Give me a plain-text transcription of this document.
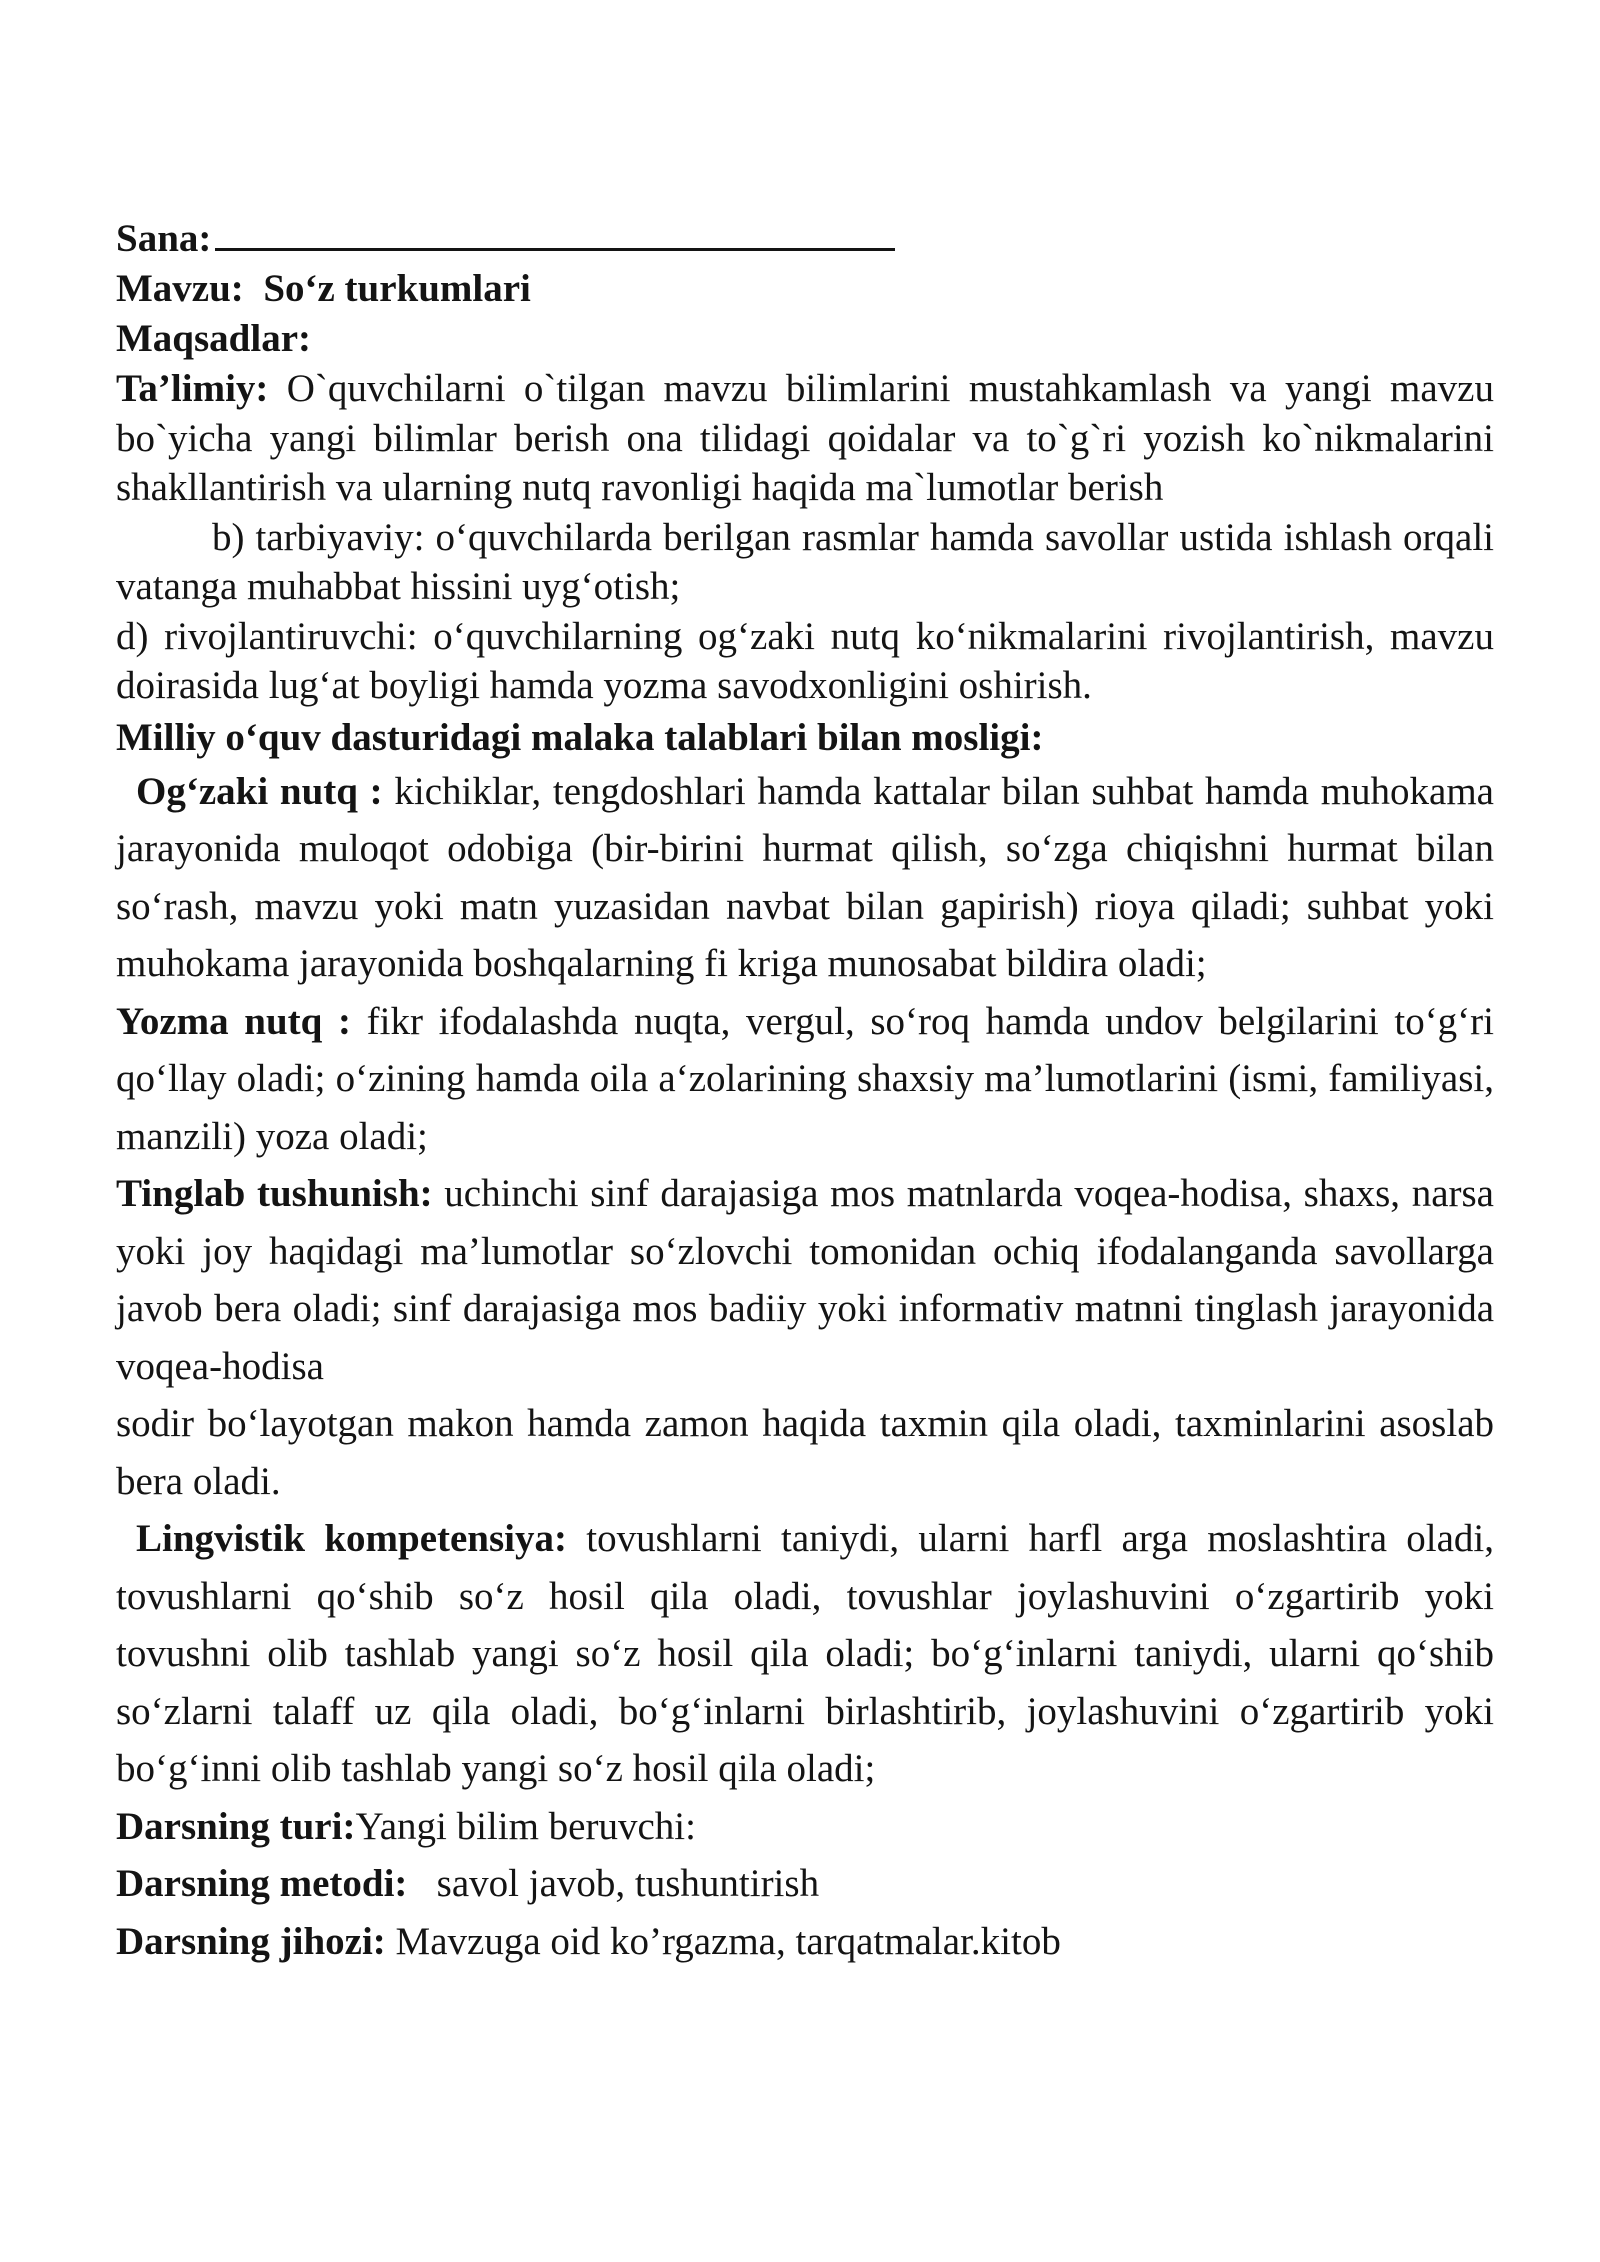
Sana:

Mavzu: So‘z turkumlari

Maqsadlar:

Ta’limiy: O`quvchilarni o`tilgan mavzu bilimlarini mustahkamlash va yangi mavzu bo`yicha yangi bilimlar berish ona tilidagi qoidalar va to`g`ri yozish ko`nikmalarini shakllantirish va ularning nutq ravonligi haqida ma`lumotlar berish

b) tarbiyaviy: o‘quvchilarda berilgan rasmlar hamda savollar ustida ishlash orqali vatanga muhabbat hissini uyg‘otish;

d) rivojlantiruvchi: o‘quvchilarning og‘zaki nutq ko‘nikmalarini rivojlantirish, mavzu doirasida lug‘at boyligi hamda yozma savodxonligini oshirish.

Milliy o‘quv dasturidagi malaka talablari bilan mosligi:

Og‘zaki nutq : kichiklar, tengdoshlari hamda kattalar bilan suhbat hamda muhokama jarayonida muloqot odobiga (bir-birini hurmat qilish, so‘zga chiqishni hurmat bilan so‘rash, mavzu yoki matn yuzasidan navbat bilan gapirish) rioya qiladi; suhbat yoki muhokama jarayonida boshqalarning fi kriga munosabat bildira oladi;

Yozma nutq : fikr ifodalashda nuqta, vergul, so‘roq hamda undov belgilarini to‘g‘ri qo‘llay oladi; o‘zining hamda oila a‘zolarining shaxsiy ma’lumotlarini (ismi, familiyasi, manzili) yoza oladi;

Tinglab tushunish: uchinchi sinf darajasiga mos matnlarda voqea-hodisa, shaxs, narsa yoki joy haqidagi ma’lumotlar so‘zlovchi tomonidan ochiq ifodalanganda savollarga javob bera oladi; sinf darajasiga mos badiiy yoki informativ matnni tinglash jarayonida voqea-hodisa

sodir bo‘layotgan makon hamda zamon haqida taxmin qila oladi, taxminlarini asoslab bera oladi.

Lingvistik kompetensiya: tovushlarni taniydi, ularni harfl arga moslashtira oladi, tovushlarni qo‘shib so‘z hosil qila oladi, tovushlar joylashuvini o‘zgartirib yoki tovushni olib tashlab yangi so‘z hosil qila oladi; bo‘g‘inlarni taniydi, ularni qo‘shib so‘zlarni talaff uz qila oladi, bo‘g‘inlarni birlashtirib, joylashuvini o‘zgartirib yoki bo‘g‘inni olib tashlab yangi so‘z hosil qila oladi;

Darsning turi:Yangi bilim beruvchi:

Darsning metodi:   savol javob, tushuntirish

Darsning jihozi: Mavzuga oid ko’rgazma, tarqatmalar.kitob
